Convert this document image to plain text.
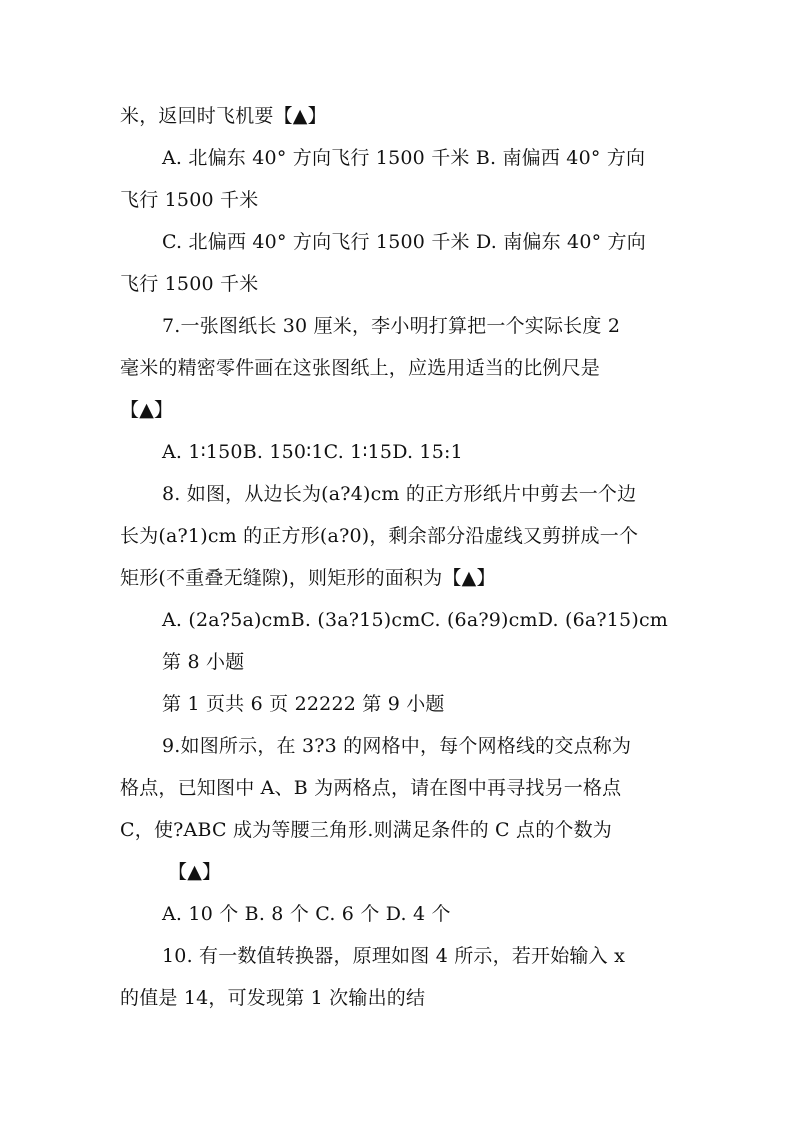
米，返回时飞机要【▲】
A. 北偏东 40° 方向飞行 1500 千米 B. 南偏西 40° 方向
飞行 1500 千米
C. 北偏西 40° 方向飞行 1500 千米 D. 南偏东 40° 方向
飞行 1500 千米
7.一张图纸长 30 厘米，李小明打算把一个实际长度 2
毫米的精密零件画在这张图纸上，应选用适当的比例尺是
【▲】
A. 1∶150B. 150∶1C. 1∶15D. 15:1
8. 如图，从边长为(a?4)cm 的正方形纸片中剪去一个边
长为(a?1)cm 的正方形(a?0)，剩余部分沿虚线又剪拼成一个
矩形(不重叠无缝隙)，则矩形的面积为【▲】
A. (2a?5a)cmB. (3a?15)cmC. (6a?9)cmD. (6a?15)cm
第 8 小题
第 1 页共 6 页 22222 第 9 小题
9.如图所示，在 3?3 的网格中，每个网格线的交点称为
格点，已知图中 A、B 为两格点，请在图中再寻找另一格点
C，使?ABC 成为等腰三角形.则满足条件的 C 点的个数为
【▲】
A. 10 个 B. 8 个 C. 6 个 D. 4 个
10. 有一数值转换器，原理如图 4 所示，若开始输入 x
的值是 14，可发现第 1 次输出的结
